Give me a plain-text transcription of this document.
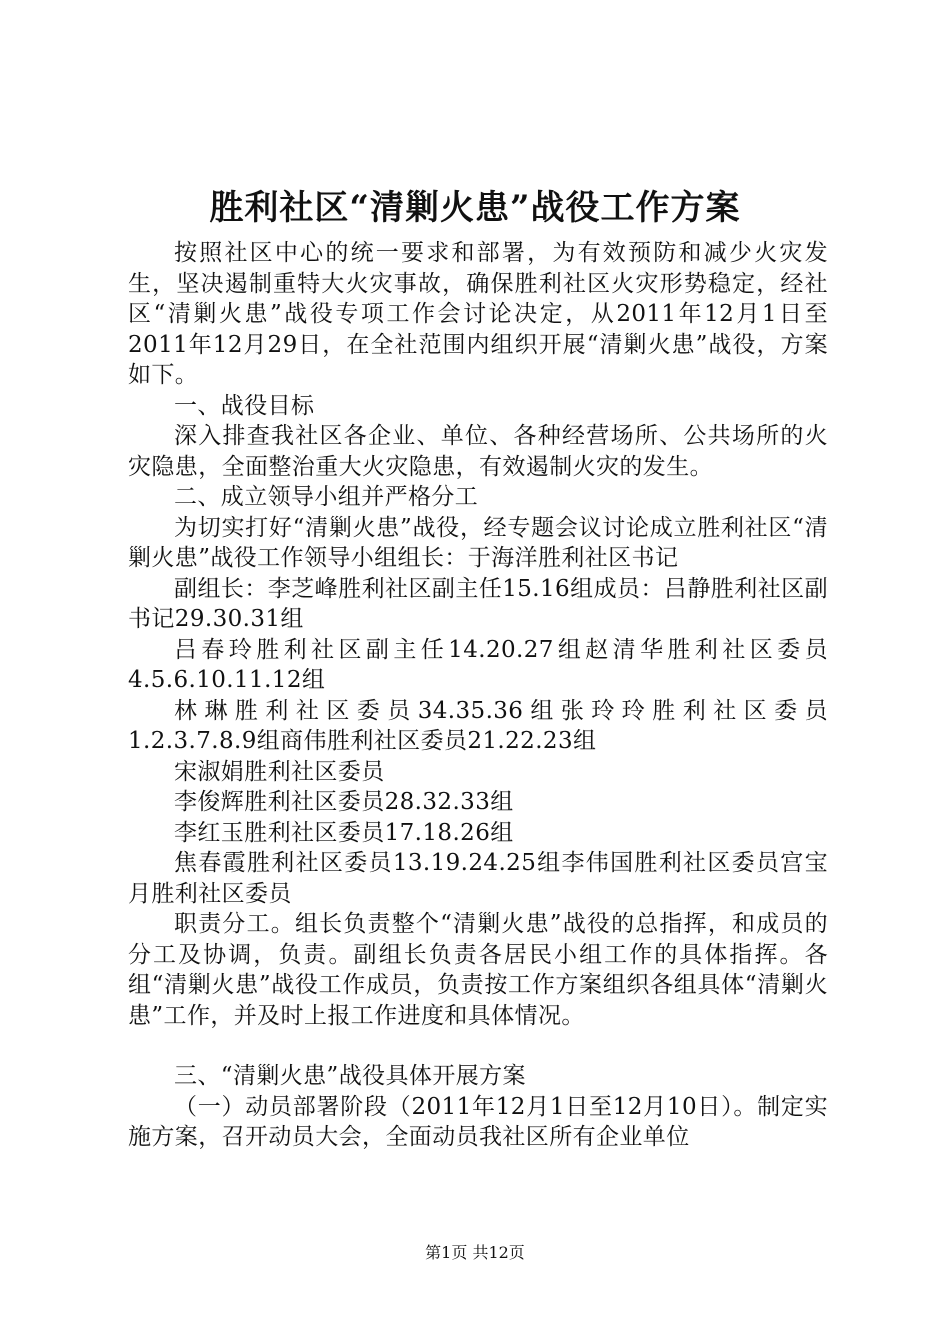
胜利社区“清剿火患”战役工作方案

按照社区中心的统一要求和部署，为有效预防和减少火灾发生，坚决遏制重特大火灾事故，确保胜利社区火灾形势稳定，经社区“清剿火患”战役专项工作会讨论决定，从2011年12月1日至2011年12月29日，在全社范围内组织开展“清剿火患”战役，方案如下。

一、战役目标

深入排查我社区各企业、单位、各种经营场所、公共场所的火灾隐患，全面整治重大火灾隐患，有效遏制火灾的发生。

二、成立领导小组并严格分工

为切实打好“清剿火患”战役，经专题会议讨论成立胜利社区“清剿火患”战役工作领导小组组长：于海洋胜利社区书记

副组长：李芝峰胜利社区副主任15.16组成员：吕静胜利社区副书记29.30.31组

吕春玲胜利社区副主任14.20.27组赵清华胜利社区委员4.5.6.10.11.12组

林琳胜利社区委员34.35.36组张玲玲胜利社区委员1.2.3.7.8.9组商伟胜利社区委员21.22.23组

宋淑娟胜利社区委员

李俊辉胜利社区委员28.32.33组

李红玉胜利社区委员17.18.26组

焦春霞胜利社区委员13.19.24.25组李伟国胜利社区委员宫宝月胜利社区委员

职责分工。组长负责整个“清剿火患”战役的总指挥，和成员的分工及协调，负责。副组长负责各居民小组工作的具体指挥。各组“清剿火患”战役工作成员，负责按工作方案组织各组具体“清剿火患”工作，并及时上报工作进度和具体情况。

三、“清剿火患”战役具体开展方案

（一）动员部署阶段（2011年12月1日至12月10日）。制定实施方案，召开动员大会，全面动员我社区所有企业单位

第1页 共12页
